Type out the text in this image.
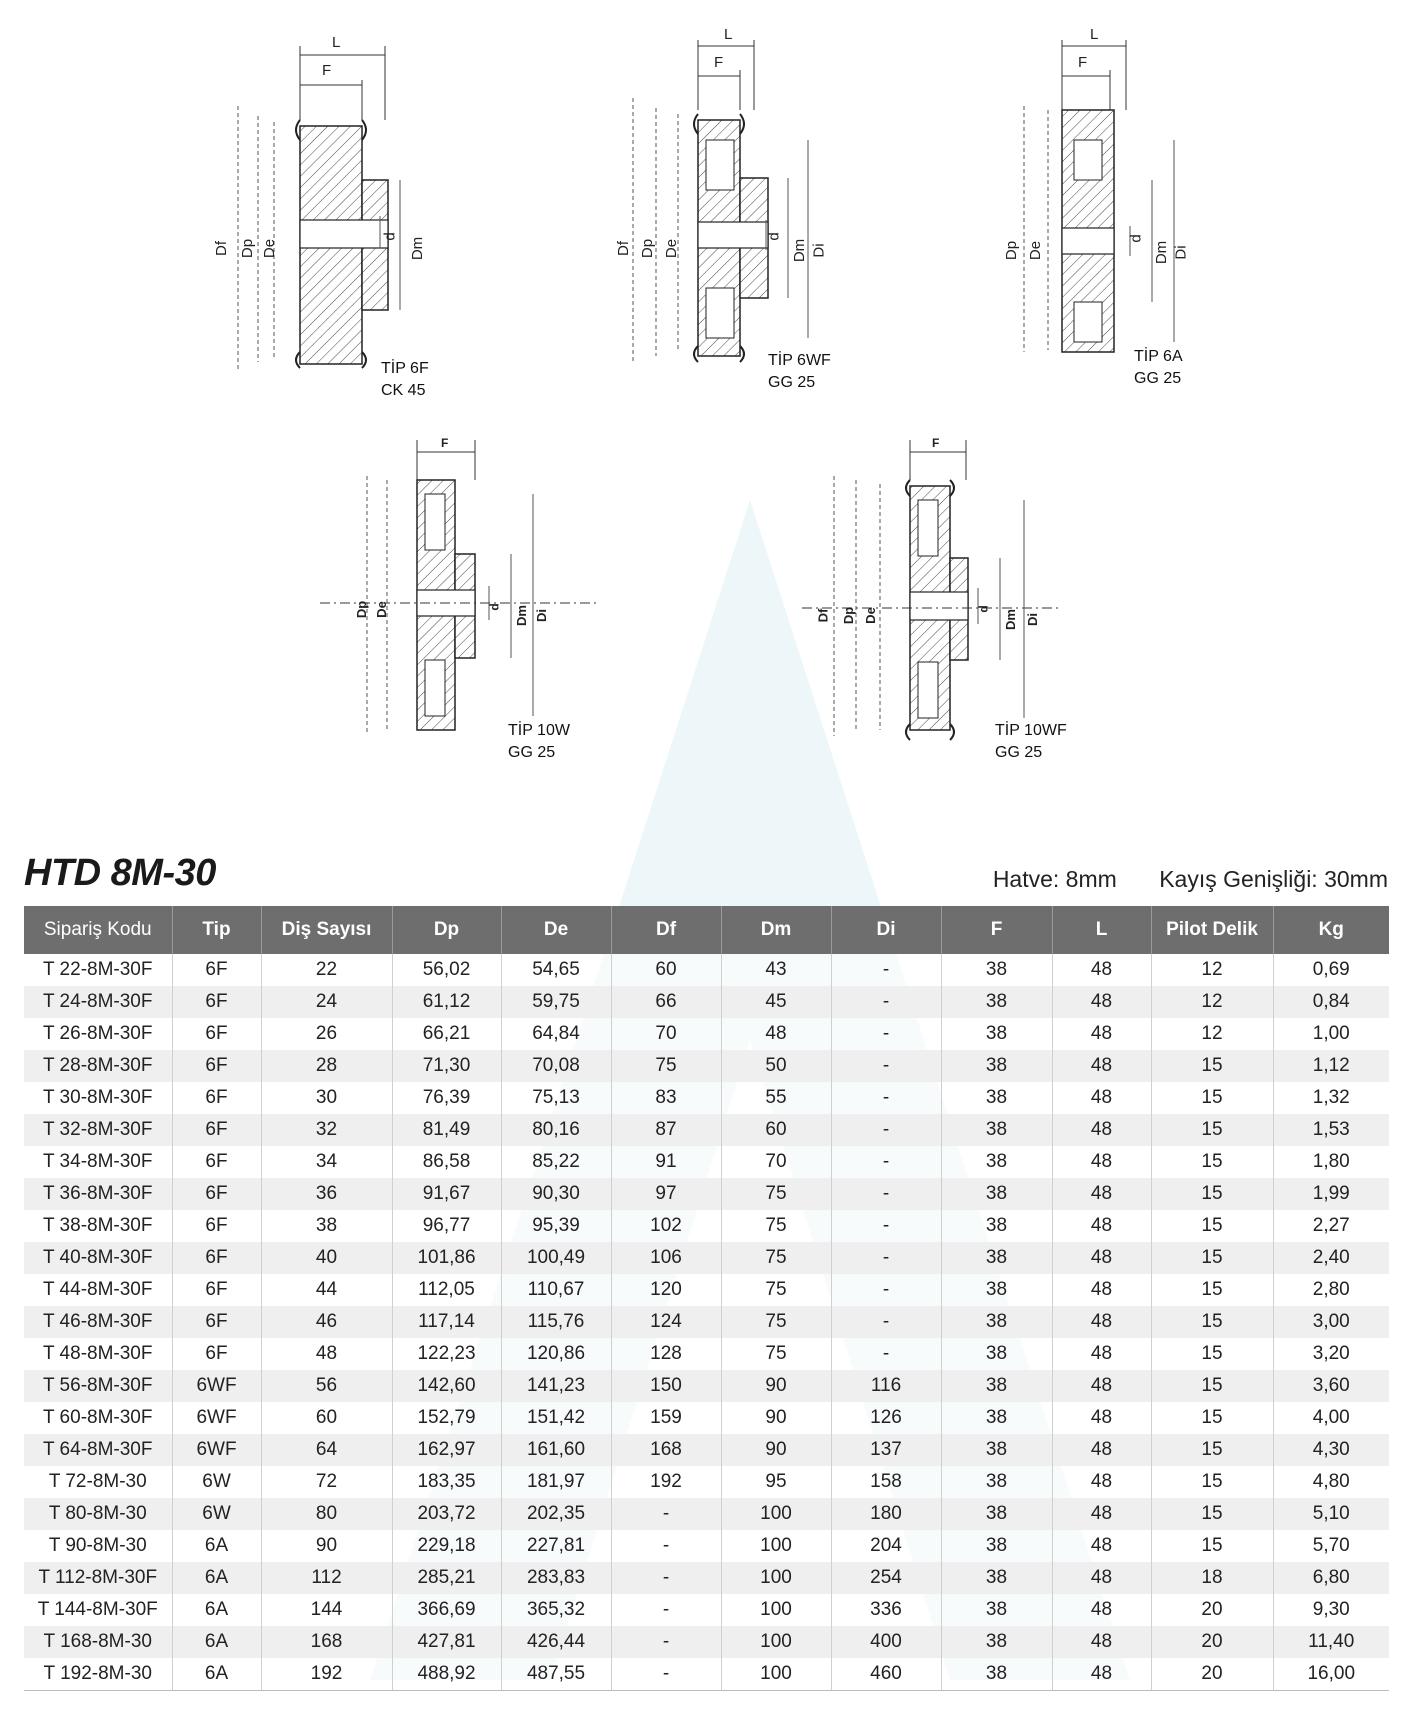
L
F
Df Dp De
d
Dm
TİP 6F
CK 45
L
F
Df Dp De
d
Dm Di
TİP 6WF
GG 25
L
F
Dp De
d
Dm Di
TİP 6A
GG 25
F
Dp De	d Dm Di
TİP 10W
GG 25
F
Df Dp De	d
Dm Di
TİP 10WF
GG 25
HTD 8M-30	Hatve: 8mm Kayış Genişliği: 30mm
Sipariş Kodu	Tip	Diş Sayısı	Dp	De	Df	Dm	Di	F	L	Pilot Delik	Kg
T 22-8M-30F	6F	22	56,02	54,65	60	43	-	38	48	12	0,69
T 24-8M-30F	6F	24	61,12	59,75	66	45	-	38	48	12	0,84
T 26-8M-30F	6F	26	66,21	64,84	70	48	-	38	48	12	1,00
T 28-8M-30F	6F	28	71,30	70,08	75	50	-	38	48	15	1,12
T 30-8M-30F	6F	30	76,39	75,13	83	55	-	38	48	15	1,32
T 32-8M-30F	6F	32	81,49	80,16	87	60	-	38	48	15	1,53
T 34-8M-30F	6F	34	86,58	85,22	91	70	-	38	48	15	1,80
T 36-8M-30F	6F	36	91,67	90,30	97	75	-	38	48	15	1,99
T 38-8M-30F	6F	38	96,77	95,39	102	75	-	38	48	15	2,27
T 40-8M-30F	6F	40	101,86	100,49	106	75	-	38	48	15	2,40
T 44-8M-30F	6F	44	112,05	110,67	120	75	-	38	48	15	2,80
T 46-8M-30F	6F	46	117,14	115,76	124	75	-	38	48	15	3,00
T 48-8M-30F	6F	48	122,23	120,86	128	75	-	38	48	15	3,20
T 56-8M-30F	6WF	56	142,60	141,23	150	90	116	38	48	15	3,60
T 60-8M-30F	6WF	60	152,79	151,42	159	90	126	38	48	15	4,00
T 64-8M-30F	6WF	64	162,97	161,60	168	90	137	38	48	15	4,30
T 72-8M-30	6W	72	183,35	181,97	192	95	158	38	48	15	4,80
T 80-8M-30	6W	80	203,72	202,35	-	100	180	38	48	15	5,10
T 90-8M-30	6A	90	229,18	227,81	-	100	204	38	48	15	5,70
T 112-8M-30F	6A	112	285,21	283,83	-	100	254	38	48	18	6,80
T 144-8M-30F	6A	144	366,69	365,32	-	100	336	38	48	20	9,30
T 168-8M-30	6A	168	427,81	426,44	-	100	400	38	48	20	11,40
T 192-8M-30	6A	192	488,92	487,55	-	100	460	38	48	20	16,00
